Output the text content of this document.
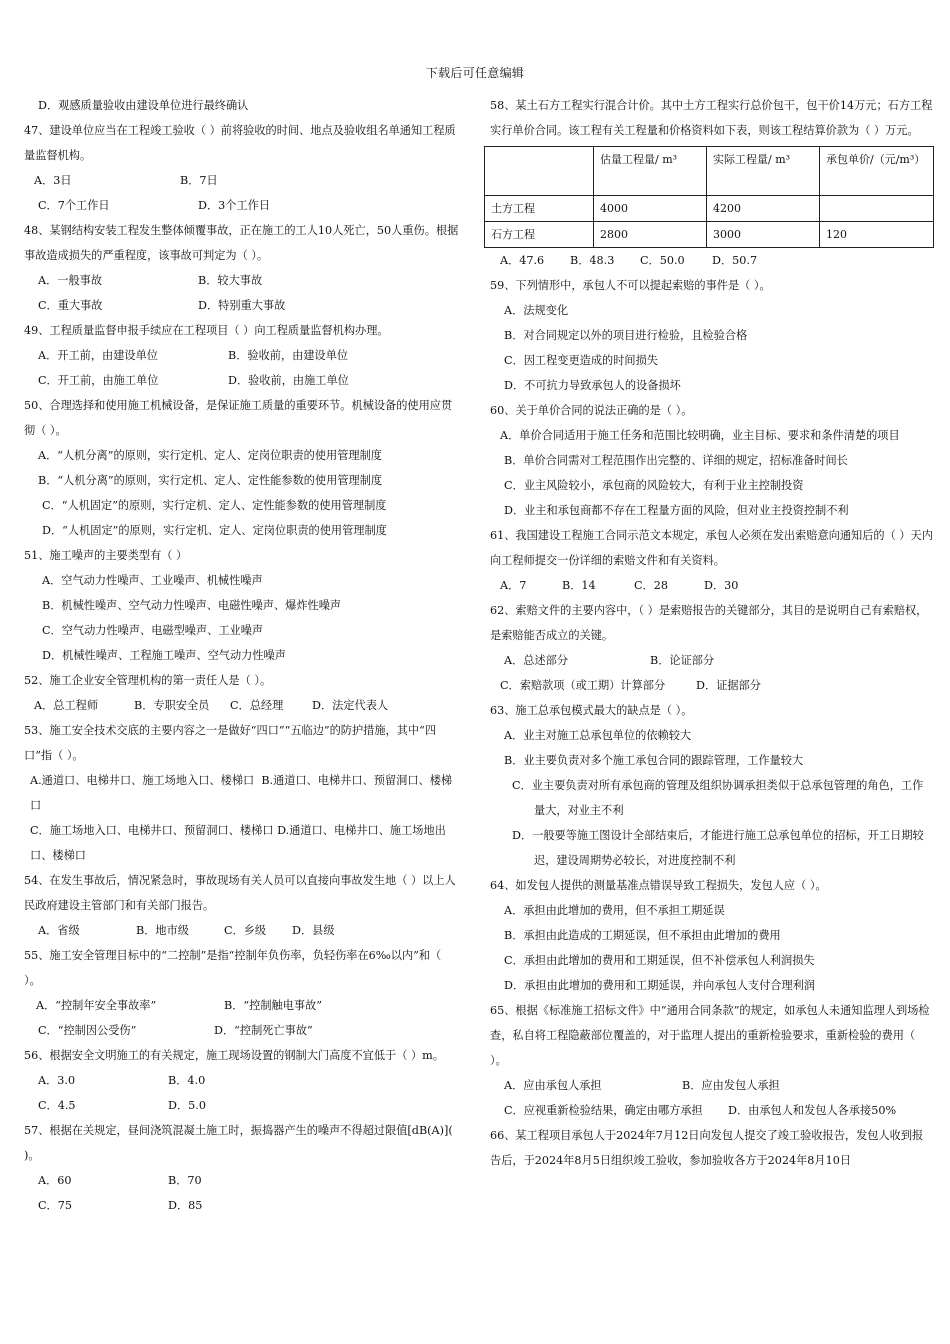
下载后可任意编辑

D．观感质量验收由建设单位进行最终确认

47、建设单位应当在工程竣工验收（ ）前将验收的时间、地点及验收组名单通知工程质量监督机构。

A．3日	B．7日
C．7个工作日	D．3个工作日

48、某钢结构安装工程发生整体倾覆事故，正在施工的工人10人死亡，50人重伤。根据事故造成损失的严重程度，该事故可判定为（ ）。

A．一般事故	B．较大事故
C．重大事故	D．特别重大事故

49、工程质量监督申报手续应在工程项目（ ）向工程质量监督机构办理。

A．开工前，由建设单位	B．验收前，由建设单位
C．开工前，由施工单位	D．验收前，由施工单位

50、合理选择和使用施工机械设备，是保证施工质量的重要环节。机械设备的使用应贯彻（ ）。

A．“人机分离”的原则，实行定机、定人、定岗位职责的使用管理制度

B．“人机分离”的原则，实行定机、定人、定性能参数的使用管理制度

C．“人机固定”的原则，实行定机、定人、定性能参数的使用管理制度

D．“人机固定”的原则，实行定机、定人、定岗位职责的使用管理制度

51、施工噪声的主要类型有（ ）

A．空气动力性噪声、工业噪声、机械性噪声

B．机械性噪声、空气动力性噪声、电磁性噪声、爆炸性噪声

C．空气动力性噪声、电磁型噪声、工业噪声

D．机械性噪声、工程施工噪声、空气动力性噪声

52、施工企业安全管理机构的第一责任人是（ ）。

A．总工程师	B．专职安全员	C．总经理	D．法定代表人

53、施工安全技术交底的主要内容之一是做好“四口”“五临边”的防护措施，其中“四口”指（ ）。

A.通道口、电梯井口、施工场地入口、楼梯口 B.通道口、电梯井口、预留洞口、楼梯口

C．施工场地入口、电梯井口、预留洞口、楼梯口 D.通道口、电梯井口、施工场地出口、楼梯口

54、在发生事故后，情况紧急时，事故现场有关人员可以直接向事故发生地（ ）以上人民政府建设主管部门和有关部门报告。

A．省级	B．地市级	C．乡级	D．县级

55、施工安全管理目标中的“二控制”是指“控制年负伤率，负轻伤率在6‰以内”和（ ）。

A．“控制年安全事故率”	B．“控制触电事故”
C．“控制因公受伤”	D．“控制死亡事故”

56、根据安全文明施工的有关规定，施工现场设置的钢制大门高度不宜低于（ ）m。

A．3.0	B．4.0
C．4.5	D．5.0

57、根据在关规定，昼间浇筑混凝土施工时，振捣器产生的噪声不得超过限值[dB(A)]( )。

A．60	B．70
C．75	D．85

58、某土石方工程实行混合计价。其中土方工程实行总价包干，包干价14万元；石方工程实行单价合同。该工程有关工程量和价格资料如下表，则该工程结算价款为（ ）万元。

	估量工程量/ m³	实际工程量/ m³	承包单价/（元/m³）
土方工程	4000	4200	
石方工程	2800	3000	120
A．47.6	B．48.3	C．50.0	D．50.7

59、下列情形中，承包人不可以提起索赔的事件是（ ）。

A．法规变化

B．对合同规定以外的项目进行检验，且检验合格

C．因工程变更造成的时间损失

D．不可抗力导致承包人的设备损坏

60、关于单价合同的说法正确的是（ ）。

A．单价合同适用于施工任务和范围比较明确，业主目标、要求和条件清楚的项目

B．单价合同需对工程范围作出完整的、详细的规定，招标准备时间长

C．业主风险较小，承包商的风险较大，有利于业主控制投资

D．业主和承包商都不存在工程量方面的风险，但对业主投资控制不利

61、我国建设工程施工合同示范文本规定，承包人必须在发出索赔意向通知后的（ ）天内向工程师提交一份详细的索赔文件和有关资料。

A．7	B．14	C．28	D．30

62、索赔文件的主要内容中，（ ）是索赔报告的关键部分，其目的是说明自己有索赔权，是索赔能否成立的关键。

A．总述部分	B．论证部分
C．索赔款项（或工期）计算部分	D．证据部分

63、施工总承包模式最大的缺点是（ ）。

A．业主对施工总承包单位的依赖较大

B．业主要负责对多个施工承包合同的跟踪管理，工作量较大

C．业主要负责对所有承包商的管理及组织协调承担类似于总承包管理的角色，工作量大，对业主不利

D．一般要等施工图设计全部结束后，才能进行施工总承包单位的招标，开工日期较迟，建设周期势必较长，对进度控制不利

64、如发包人提供的测量基准点错误导致工程损失，发包人应（ ）。

A．承担由此增加的费用，但不承担工期延误

B．承担由此造成的工期延误，但不承担由此增加的费用

C．承担由此增加的费用和工期延误，但不补偿承包人利润损失

D．承担由此增加的费用和工期延误，并向承包人支付合理利润

65、根据《标准施工招标文件》中“通用合同条款”的规定，如承包人未通知监理人到场检查，私自将工程隐蔽部位覆盖的，对于监理人提出的重新检验要求，重新检验的费用（ ）。

A．应由承包人承担	B．应由发包人承担
C．应视重新检验结果，确定由哪方承担	D．由承包人和发包人各承接50%

66、某工程项目承包人于2024年7月12日向发包人提交了竣工验收报告，发包人收到报告后，于2024年8月5日组织竣工验收，参加验收各方于2024年8月10日
